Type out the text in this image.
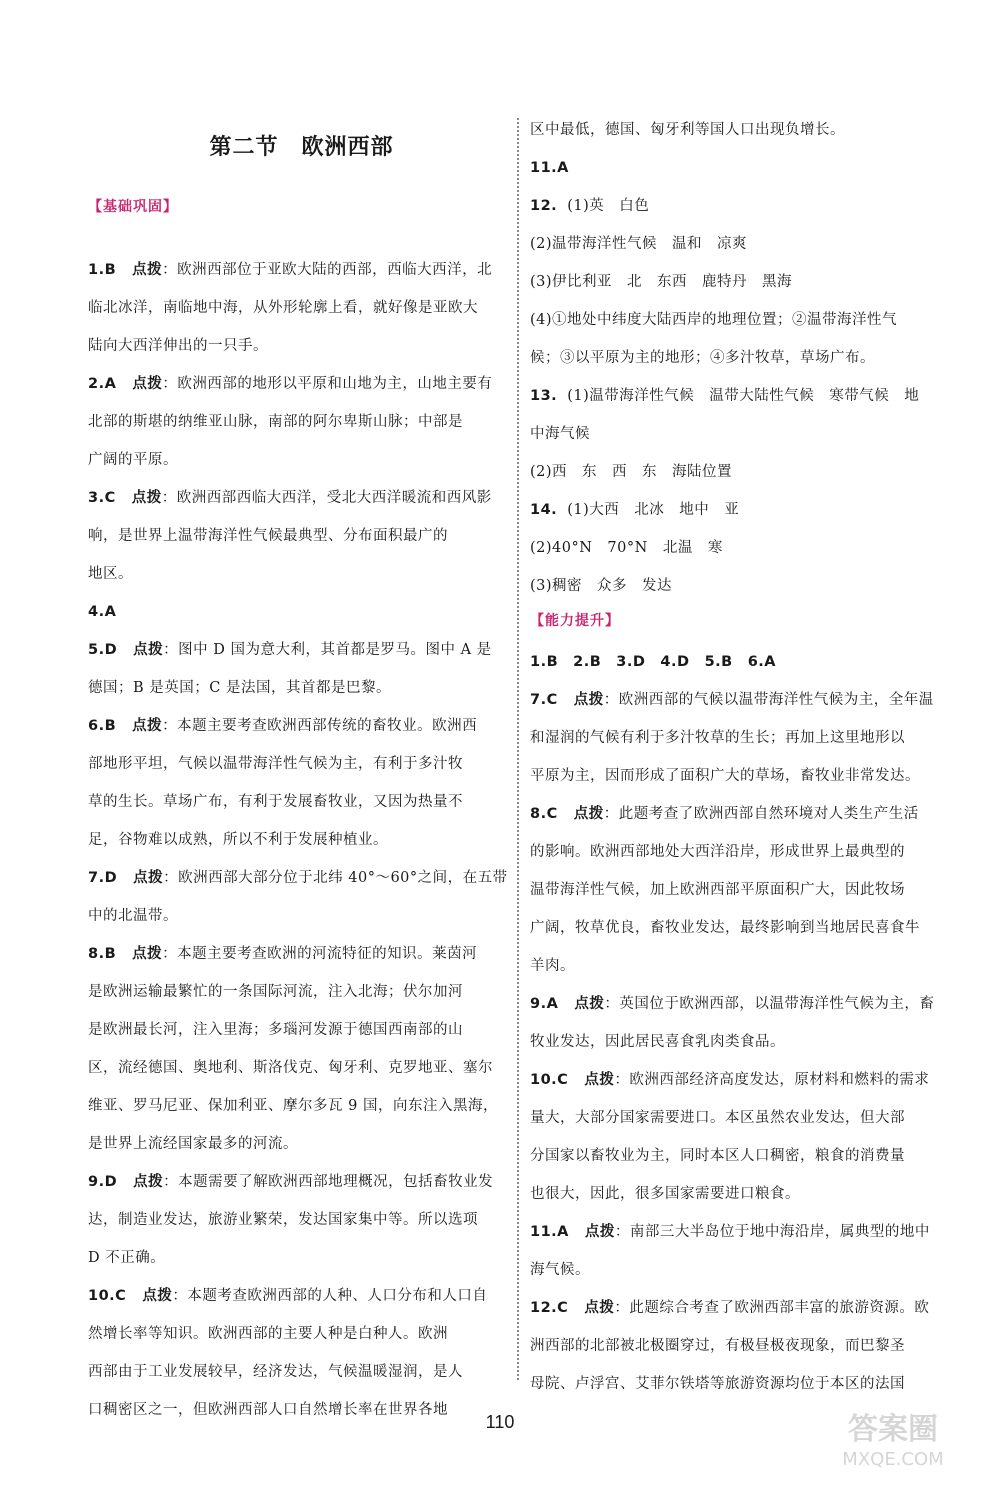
第二节　欧洲西部
【基础巩固】
【能力提升】
1.B 点拨：欧洲西部位于亚欧大陆的西部，西临大西洋，北
临北冰洋，南临地中海，从外形轮廓上看，就好像是亚欧大
陆向大西洋伸出的一只手。
2.A 点拨：欧洲西部的地形以平原和山地为主，山地主要有
北部的斯堪的纳维亚山脉，南部的阿尔卑斯山脉；中部是
广阔的平原。
3.C 点拨：欧洲西部西临大西洋，受北大西洋暖流和西风影
响，是世界上温带海洋性气候最典型、分布面积最广的
地区。
4.A
5.D 点拨：图中 D 国为意大利，其首都是罗马。图中 A 是
德国；B 是英国；C 是法国，其首都是巴黎。
6.B 点拨：本题主要考查欧洲西部传统的畜牧业。欧洲西
部地形平坦，气候以温带海洋性气候为主，有利于多汁牧
草的生长。草场广布，有利于发展畜牧业，又因为热量不
足，谷物难以成熟，所以不利于发展种植业。
7.D 点拨：欧洲西部大部分位于北纬 40°～60°之间，在五带
中的北温带。
8.B 点拨：本题主要考查欧洲的河流特征的知识。莱茵河
是欧洲运输最繁忙的一条国际河流，注入北海；伏尔加河
是欧洲最长河，注入里海；多瑙河发源于德国西南部的山
区，流经德国、奥地利、斯洛伐克、匈牙利、克罗地亚、塞尔
维亚、罗马尼亚、保加利亚、摩尔多瓦 9 国，向东注入黑海，
是世界上流经国家最多的河流。
9.D 点拨：本题需要了解欧洲西部地理概况，包括畜牧业发
达，制造业发达，旅游业繁荣，发达国家集中等。所以选项
D 不正确。
10.C 点拨：本题考查欧洲西部的人种、人口分布和人口自
然增长率等知识。欧洲西部的主要人种是白种人。欧洲
西部由于工业发展较早，经济发达，气候温暖湿润，是人
口稠密区之一，但欧洲西部人口自然增长率在世界各地
区中最低，德国、匈牙利等国人口出现负增长。
11.A
12. (1)英　白色
(2)温带海洋性气候　温和　凉爽
(3)伊比利亚　北　东西　鹿特丹　黑海
(4)①地处中纬度大陆西岸的地理位置；②温带海洋性气
候；③以平原为主的地形；④多汁牧草，草场广布。
13. (1)温带海洋性气候　温带大陆性气候　寒带气候　地
中海气候
(2)西　东　西　东　海陆位置
14. (1)大西　北冰　地中　亚
(2)40°N　70°N　北温　寒
(3)稠密　众多　发达
1.B　2.B　3.D　4.D　5.B　6.A
7.C 点拨：欧洲西部的气候以温带海洋性气候为主，全年温
和湿润的气候有利于多汁牧草的生长；再加上这里地形以
平原为主，因而形成了面积广大的草场，畜牧业非常发达。
8.C 点拨：此题考查了欧洲西部自然环境对人类生产生活
的影响。欧洲西部地处大西洋沿岸，形成世界上最典型的
温带海洋性气候，加上欧洲西部平原面积广大，因此牧场
广阔，牧草优良，畜牧业发达，最终影响到当地居民喜食牛
羊肉。
9.A 点拨：英国位于欧洲西部，以温带海洋性气候为主，畜
牧业发达，因此居民喜食乳肉类食品。
10.C 点拨：欧洲西部经济高度发达，原材料和燃料的需求
量大，大部分国家需要进口。本区虽然农业发达，但大部
分国家以畜牧业为主，同时本区人口稠密，粮食的消费量
也很大，因此，很多国家需要进口粮食。
11.A 点拨：南部三大半岛位于地中海沿岸，属典型的地中
海气候。
12.C 点拨：此题综合考查了欧洲西部丰富的旅游资源。欧
洲西部的北部被北极圈穿过，有极昼极夜现象，而巴黎圣
母院、卢浮宫、艾菲尔铁塔等旅游资源均位于本区的法国
110	答案圈
MXQE.COM
